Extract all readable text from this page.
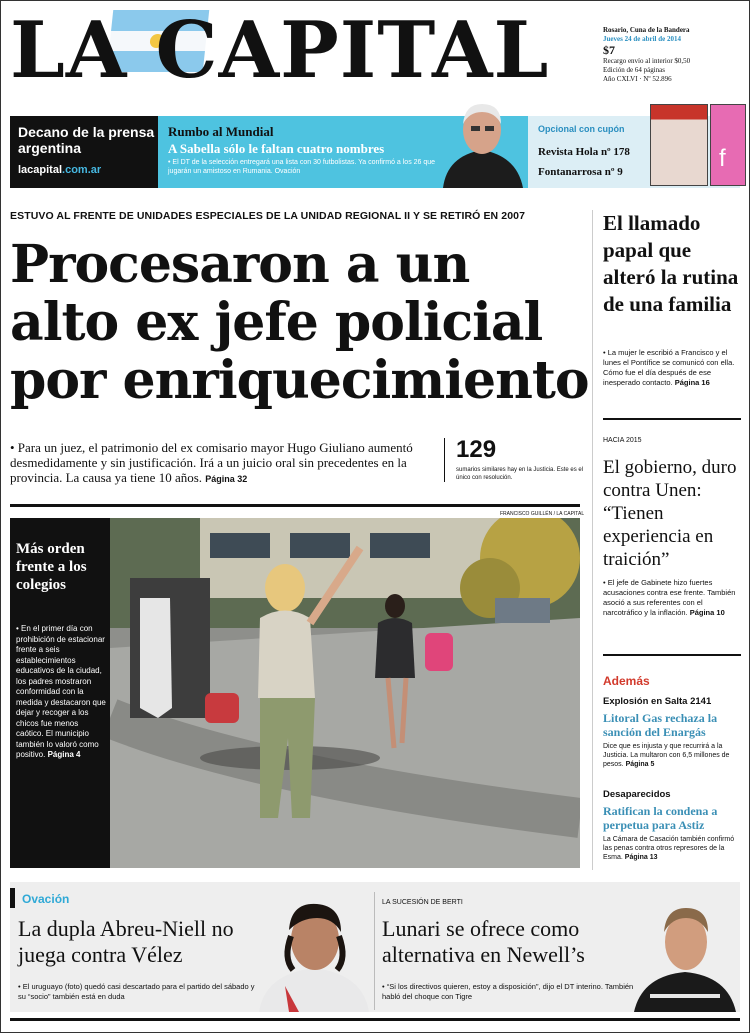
LA CAPITAL	Rosario, Cuna de la Bandera
Jueves 24 de abril de 2014
$7
Recargo envío al interior $0,50
Edición de 64 páginas
Año CXLVI · Nº 52.896
Decano de la prensa argentina
lacapital.com.ar
Rumbo al Mundial
A Sabella sólo le faltan cuatro nombres
• El DT de la selección entregará una lista con 30 futbolistas. Ya confirmó a los 26 que jugarán un amistoso en Rumania. Ovación
Opcional con cupón
Revista Hola nº 178
Fontanarrosa nº 9	f
ESTUVO AL FRENTE DE UNIDADES ESPECIALES DE LA UNIDAD REGIONAL II Y SE RETIRÓ EN 2007
Procesaron a un alto ex jefe policial por enriquecimiento
• Para un juez, el patrimonio del ex comisario mayor Hugo Giuliano aumentó desmedidamente y sin justificación. Irá a un juicio oral sin precedentes en la provincia. La causa ya tiene 10 años. Página 32
129
sumarios similares hay en la Justicia. Este es el único con resolución.
FRANCISCO GUILLÉN / LA CAPITAL
Más orden frente a los colegios
• En el primer día con prohibición de estacionar frente a seis establecimientos educativos de la ciudad, los padres mostraron conformidad con la medida y destacaron que dejar y recoger a los chicos fue menos caótico. El municipio también lo valoró como positivo. Página 4
El llamado papal que alteró la rutina de una familia
• La mujer le escribió a Francisco y el lunes el Pontífice se comunicó con ella. Cómo fue el día después de ese inesperado contacto. Página 16
HACIA 2015
El gobierno, duro contra Unen: “Tienen experiencia en traición”
• El jefe de Gabinete hizo fuertes acusaciones contra ese frente. También asoció a sus referentes con el narcotráfico y la inflación. Página 10
Además
Explosión en Salta 2141
Litoral Gas rechaza la sanción del Enargás
Dice que es injusta y que recurrirá a la Justicia. La multaron con 6,5 millones de pesos. Página 5
Desaparecidos
Ratifican la condena a perpetua para Astiz
La Cámara de Casación también confirmó las penas contra otros represores de la Esma. Página 13
Ovación
La dupla Abreu-Niell no juega contra Vélez
• El uruguayo (foto) quedó casi descartado para el partido del sábado y su “socio” también está en duda
LA SUCESIÓN DE BERTI
Lunari se ofrece como alternativa en Newell’s
• “Si los directivos quieren, estoy a disposición”, dijo el DT interino. También habló del choque con Tigre
